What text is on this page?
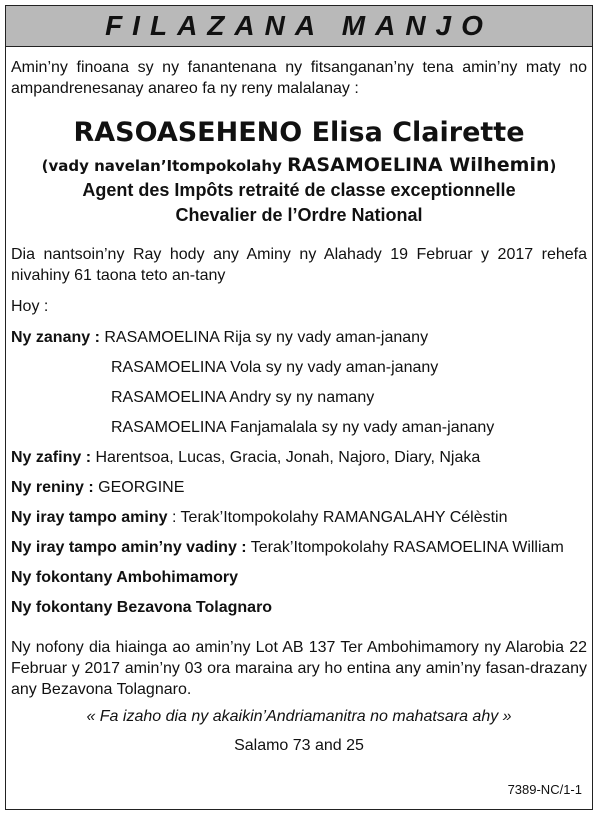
FILAZANA MANJO

Amin’ny finoana sy ny fanantenana ny fitsanganan’ny tena amin’ny maty no ampandrenesanay anareo fa ny reny malalanay :

RASOASEHENO Elisa Clairette
(vady navelan’Itompokolahy RASAMOELINA Wilhemin)
Agent des Impôts retraité de classe exceptionnelle
Chevalier de l’Ordre National

Dia nantsoin’ny Ray hody any Aminy ny Alahady 19 Februar y 2017 rehefa nivahiny 61 taona teto an-tany

Hoy :

Ny zanany : RASAMOELINA Rija sy ny vady aman-janany
RASAMOELINA Vola sy ny vady aman-janany
RASAMOELINA Andry sy ny namany
RASAMOELINA Fanjamalala sy ny vady aman-janany
Ny zafiny : Harentsoa, Lucas, Gracia, Jonah, Najoro, Diary, Njaka
Ny reniny : GEORGINE
Ny iray tampo aminy : Terak’Itompokolahy RAMANGALAHY Célèstin
Ny iray tampo amin’ny vadiny : Terak’Itompokolahy RASAMOELINA William
Ny fokontany Ambohimamory
Ny fokontany Bezavona Tolagnaro

Ny nofony dia hiainga ao amin’ny Lot AB 137 Ter Ambohimamory ny Alarobia 22 Februar y 2017 amin’ny 03 ora maraina ary ho entina any amin’ny fasan-drazany any Bezavona Tolagnaro.

« Fa izaho dia ny akaikin’Andriamanitra no mahatsara ahy »

Salamo 73 and 25

7389-NC/1-1
